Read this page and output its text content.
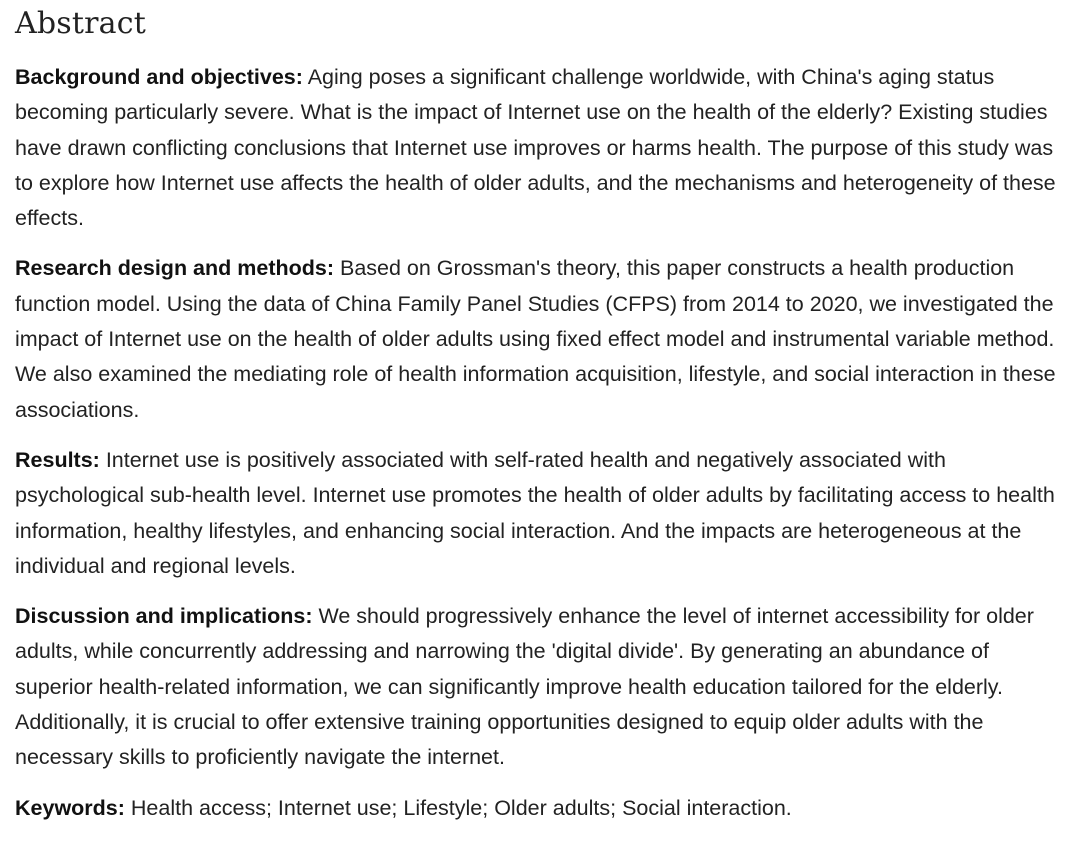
Abstract

Background and objectives: Aging poses a significant challenge worldwide, with China's aging status becoming particularly severe. What is the impact of Internet use on the health of the elderly? Existing studies have drawn conflicting conclusions that Internet use improves or harms health. The purpose of this study was to explore how Internet use affects the health of older adults, and the mechanisms and heterogeneity of these effects.

Research design and methods: Based on Grossman's theory, this paper constructs a health production function model. Using the data of China Family Panel Studies (CFPS) from 2014 to 2020, we investigated the impact of Internet use on the health of older adults using fixed effect model and instrumental variable method. We also examined the mediating role of health information acquisition, lifestyle, and social interaction in these associations.

Results: Internet use is positively associated with self-rated health and negatively associated with psychological sub-health level. Internet use promotes the health of older adults by facilitating access to health information, healthy lifestyles, and enhancing social interaction. And the impacts are heterogeneous at the individual and regional levels.

Discussion and implications: We should progressively enhance the level of internet accessibility for older adults, while concurrently addressing and narrowing the 'digital divide'. By generating an abundance of superior health-related information, we can significantly improve health education tailored for the elderly. Additionally, it is crucial to offer extensive training opportunities designed to equip older adults with the necessary skills to proficiently navigate the internet.

Keywords: Health access; Internet use; Lifestyle; Older adults; Social interaction.
